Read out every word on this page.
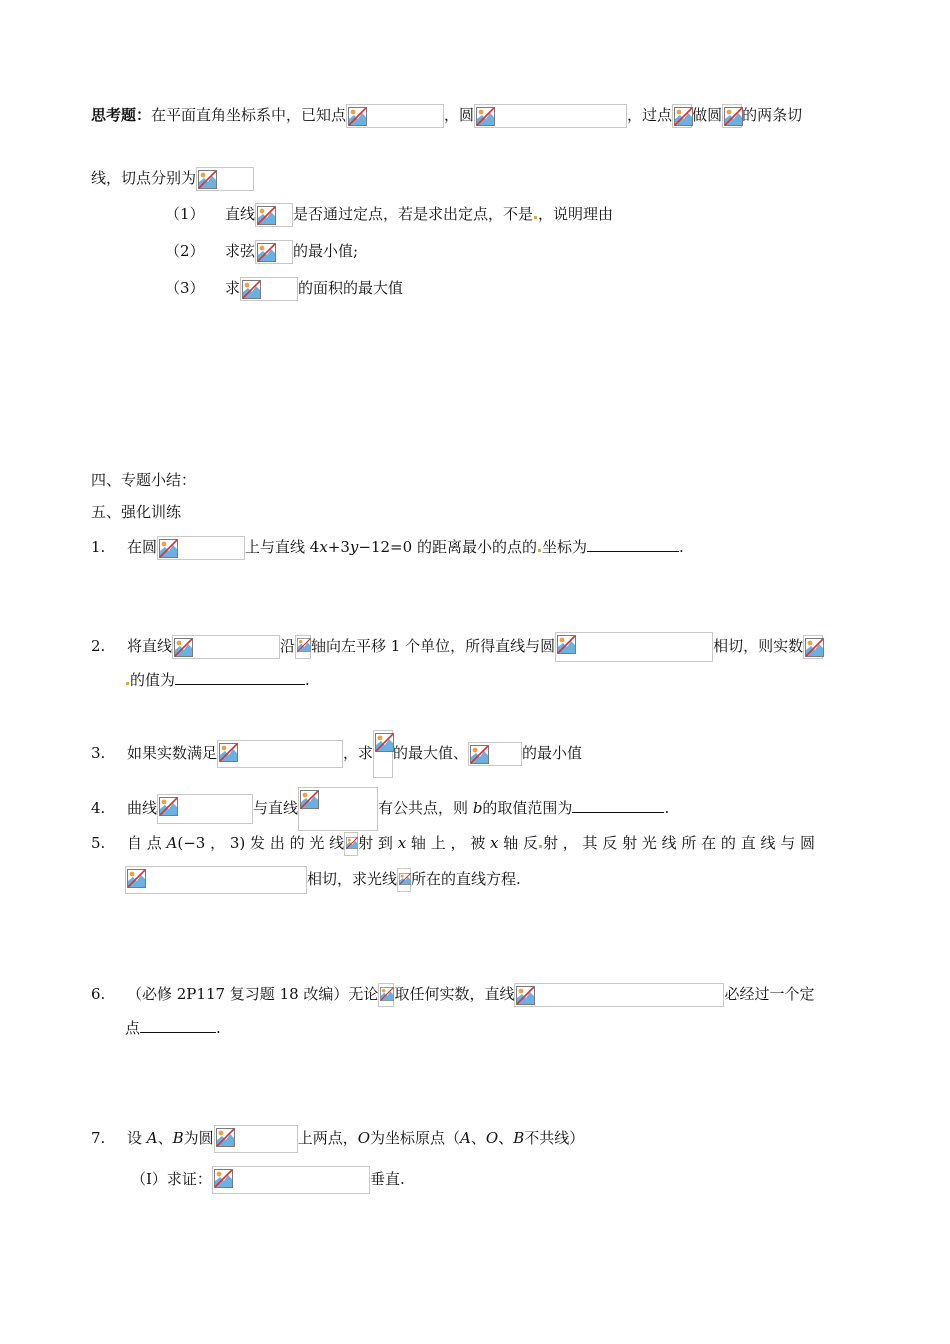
思考题：在平面直角坐标系中，已知点	，圆	，过点 做圆 的两条切
线，切点分别为
（1） 直线	是否通过定点，若是求出定点，不是 ，说明理由
（2） 求弦	的最小值;
（3） 求	的面积的最大值
四、专题小结：
五、强化训练
1. 在圆	上与直线 4x+3y−12=0 的距离最小的点的 坐标为	.
2. 将直线	沿 轴向左平移 1 个单位，所得直线与圆	相切，则实数
的值为	.
3. 如果实数满足	，求 的最大值、	的最小值
4. 曲线	与直线	有公共点，则 b的取值范围为	.
5. 自 点 A(−3 ， 3) 发 出 的 光 线 射 到 x 轴 上 ， 被 x 轴 反 射 ， 其 反 射 光 线 所 在 的 直 线 与 圆
相切，求光线 所在的直线方程.
6. （必修 2P117 复习题 18 改编）无论 取任何实数，直线	必经过一个定
点	.
7. 设 A、B为圆	上两点，O为坐标原点（A、O、B不共线）
（Ⅰ）求证：	垂直.
